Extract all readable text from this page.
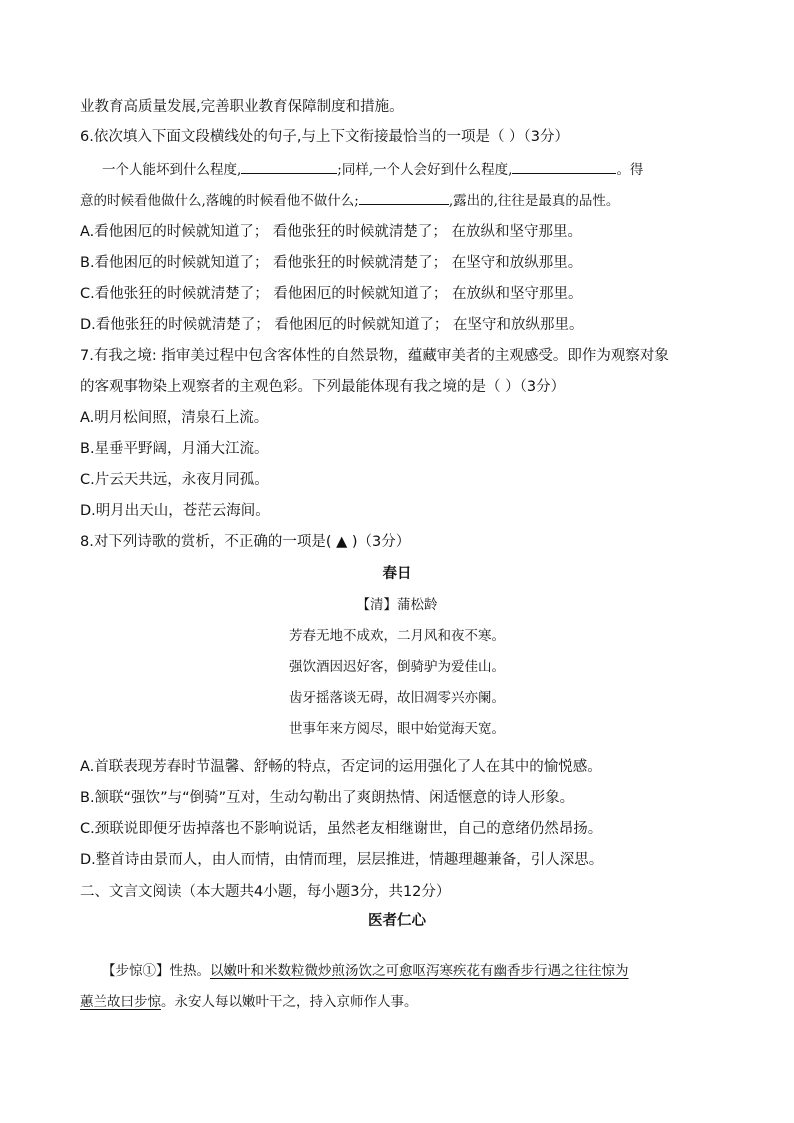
业教育高质量发展,完善职业教育保障制度和措施。
6.依次填入下面文段横线处的句子,与上下文衔接最恰当的一项是（ ）（3分）
一个人能坏到什么程度,	;同样,一个人会好到什么程度,	。得
意的时候看他做什么,落魄的时候看他不做什么;	,露出的,往往是最真的品性。
A.看他困厄的时候就知道了； 看他张狂的时候就清楚了； 在放纵和坚守那里。
B.看他困厄的时候就知道了； 看他张狂的时候就清楚了； 在坚守和放纵那里。
C.看他张狂的时候就清楚了； 看他困厄的时候就知道了； 在放纵和坚守那里。
D.看他张狂的时候就清楚了； 看他困厄的时候就知道了； 在坚守和放纵那里。
7.有我之境: 指审美过程中包含客体性的自然景物，蕴藏审美者的主观感受。即作为观察对象
的客观事物染上观察者的主观色彩。下列最能体现有我之境的是（ ）（3分）
A.明月松间照，清泉石上流。
B.星垂平野阔，月涌大江流。
C.片云天共远，永夜月同孤。
D.明月出天山，苍茫云海间。
8.对下列诗歌的赏析，不正确的一项是( ▲ )（3分）
春日
【清】蒲松龄
芳春无地不成欢，二月风和夜不寒。
强饮酒因迟好客，倒骑驴为爱佳山。
齿牙摇落谈无碍，故旧凋零兴亦阑。
世事年来方阅尽，眼中始觉海天宽。
A.首联表现芳春时节温馨、舒畅的特点，否定词的运用强化了人在其中的愉悦感。
B.颔联“强饮”与“倒骑”互对，生动勾勒出了爽朗热情、闲适惬意的诗人形象。
C.颈联说即便牙齿掉落也不影响说话，虽然老友相继谢世，自己的意绪仍然昂扬。
D.整首诗由景而人，由人而情，由情而理，层层推进，情趣理趣兼备，引人深思。
二、文言文阅读（本大题共4小题，每小题3分，共12分）
医者仁心
【步惊①】性热。以嫩叶和米数粒微炒煎汤饮之可愈呕泻寒疾花有幽香步行遇之往往惊为
蕙兰故曰步惊。永安人每以嫩叶干之，持入京师作人事。
